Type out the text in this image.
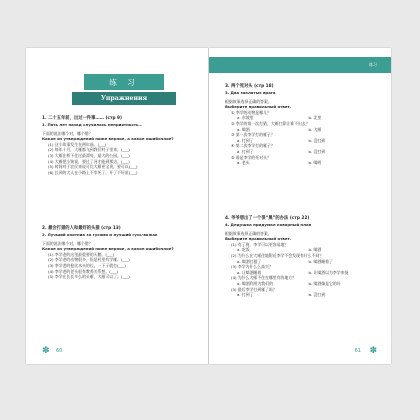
练 习
Упражнения
1. 二十五年前，出过一件事…… (стр 9)
1. Пять лет назад случилась неприятность…
下面的说法哪个对，哪个错？
Какое из утверждений ниже верное, а какое ошибочное?
(1) 这个故事发生在两年前。(___)
(2) 每年十月，大雁都飞到我们村子里来。(___)
(3) 大雁在桥下住过最漂亮、最大的公园。(___)
(4) 大雁把小狗说，要过了河才能到那边。(___)
(5) 时间对于农民来说可比大雁更宝贵，要可以(___)
(6) 长颈的大人在小路上不幸死了，开了不好说(___)
2. 最会打猎的人和最好的头猎 (стр 13)
2. Лучший охотник за гусями и лучший гусь-вожак
下面的说法哪个对，哪个错？
Какое из утверждений ниже верное, а какое ошибочное?
(1) 李学老的这里最重要的天鹅。(___)
(2) 李学老的动物很多，但是村里有学雁。(___)
(3) 李学老的枪比木头的长，一下子就打(___)
(4) 李学老的老头很有教养关系想。(___)
(5) 李学在长长多么的头雁，大雁可以了。(___)
✽ 60
练习
3. 两个死对头 (стр 18)
3. Два заклятых врага
根据故事选择正确的答案。
Выберите правильный ответ.
① 李学的动物是哪儿？
a. 东坡里	b. 北里
② 李学的第一次打猎，大雁打算让谁不出去？
a. 喝酒	b. 大雁
③ 第一次李学打的雁子？
a. 打到了	b. 没打到
④ 第二次李学打的雁子？
a. 打到了	b. 没打到
⑤ 谁是李学的死对头？
a. 老头	b. 喝哟
4. 爷爷想出了一个很“黑”的办法 (стр 22)
4. Дедушка придумал коварный план
根据故事选择正确的答案。
Выберите правильный ответ.
(1) 有了狗，李学可以更容易地？
a. 吃饭	b. 喝酒
(2) 为什么在大雁住地附近李学不会发现有什么不同？
a. 喝酒打猎了	b. 喝酒睡着了
(3) 李学为什么么高兴？
a. 让喝酒睡着	b. 让喝酒以为李学来捉
(4) 为什么大雁不住在哪里有的地方？
a. 喝酒利用为我们的	b. 喝酒像是它的好
(5) 最后李学打到雁了吗？
a. 打到了	b. 没打到
61 ✽
